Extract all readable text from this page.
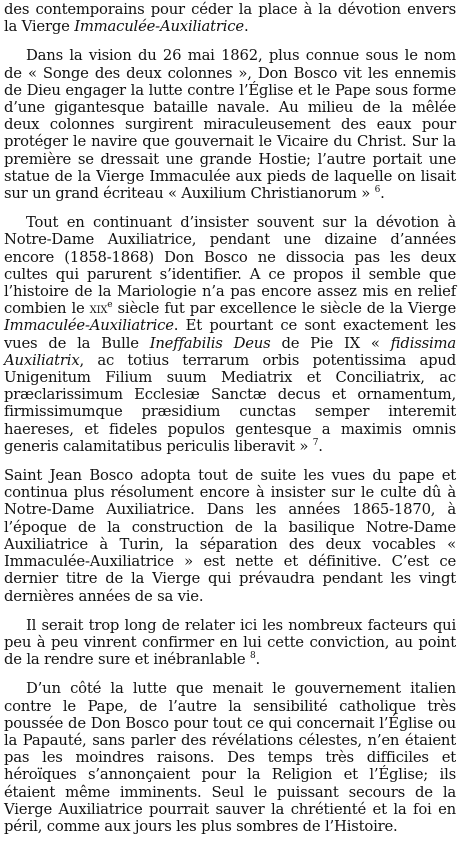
des contemporains pour céder la place à la dévotion envers la Vierge Immaculée-Auxiliatrice.

Dans la vision du 26 mai 1862, plus connue sous le nom de « Songe des deux colonnes », Don Bosco vit les ennemis de Dieu engager la lutte contre l’Église et le Pape sous forme d’une gigantesque bataille navale. Au milieu de la mêlée deux colonnes surgirent miraculeusement des eaux pour protéger le navire que gouvernait le Vicaire du Christ. Sur la première se dressait une grande Hostie; l’autre portait une statue de la Vierge Immaculée aux pieds de laquelle on lisait sur un grand écriteau « Auxilium Christianorum » $^6$.

Tout en continuant d’insister souvent sur la dévotion à Notre-Dame Auxiliatrice, pendant une dizaine d’années encore (1858-1868) Don Bosco ne dissocia pas les deux cultes qui parurent s’identifier. A ce propos il semble que l’histoire de la Mariologie n’a pas encore assez mis en relief combien le xix$^e$ siècle fut par excellence le siècle de la Vierge Immaculée-Auxiliatrice. Et pourtant ce sont exactement les vues de la Bulle Ineffabilis Deus de Pie IX « fidissima Auxiliatrix, ac totius terrarum orbis potentissima apud Unigenitum Filium suum Mediatrix et Conciliatrix, ac præclarissimum Ecclesiæ Sanctæ decus et ornamentum, firmissimumque præsidium cunctas semper interemit haereses, et fideles populos gentesque a maximis omnis generis calamitatibus periculis liberavit » $^7$.

Saint Jean Bosco adopta tout de suite les vues du pape et continua plus résolument encore à insister sur le culte dû à Notre-Dame Auxiliatrice. Dans les années 1865-1870, à l’époque de la construction de la basilique Notre-Dame Auxiliatrice à Turin, la séparation des deux vocables « Immaculée-Auxiliatrice » est nette et définitive. C’est ce dernier titre de la Vierge qui prévaudra pendant les vingt dernières années de sa vie.

Il serait trop long de relater ici les nombreux facteurs qui peu à peu vinrent confirmer en lui cette conviction, au point de la rendre sure et inébranlable $^8$.

D’un côté la lutte que menait le gouvernement italien contre le Pape, de l’autre la sensibilité catholique très poussée de Don Bosco pour tout ce qui concernait l’Église ou la Papauté, sans parler des révélations célestes, n’en étaient pas les moindres raisons. Des temps très difficiles et héroïques s’annonçaient pour la Religion et l’Église; ils étaient même imminents. Seul le puissant secours de la Vierge Auxiliatrice pourrait sauver la chrétienté et la foi en péril, comme aux jours les plus sombres de l’Histoire.
